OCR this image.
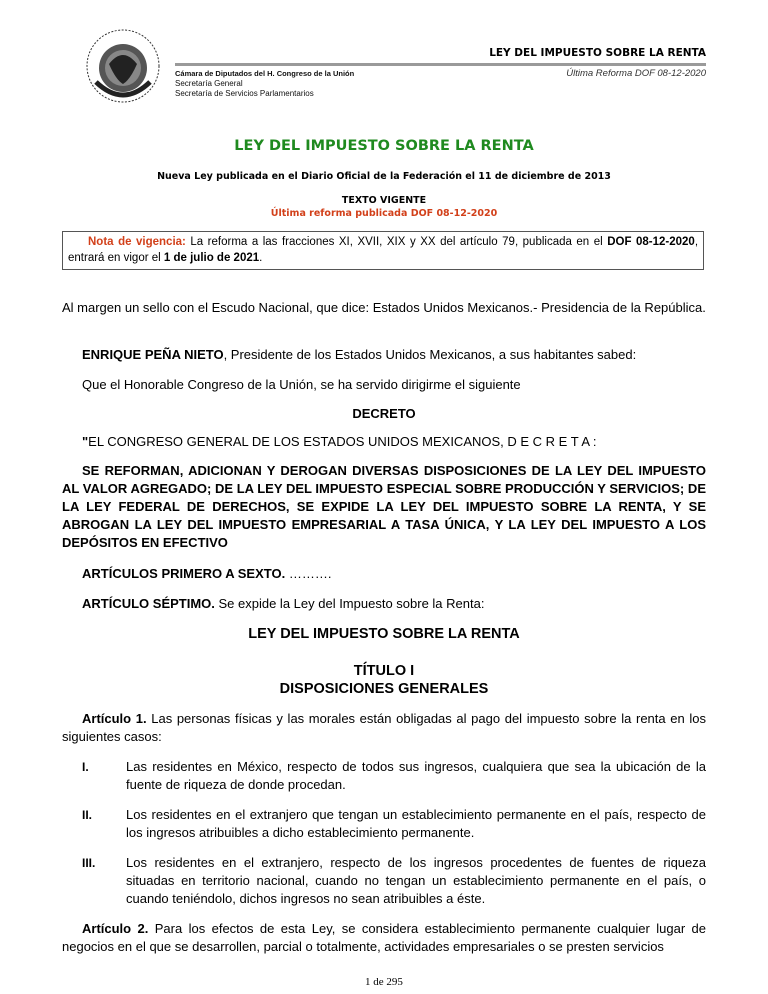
LEY DEL IMPUESTO SOBRE LA RENTA
Última Reforma DOF 08-12-2020
Cámara de Diputados del H. Congreso de la Unión
Secretaría General
Secretaría de Servicios Parlamentarios
LEY DEL IMPUESTO SOBRE LA RENTA
Nueva Ley publicada en el Diario Oficial de la Federación el 11 de diciembre de 2013
TEXTO VIGENTE
Última reforma publicada DOF 08-12-2020
Nota de vigencia: La reforma a las fracciones XI, XVII, XIX y XX del artículo 79, publicada en el DOF 08-12-2020, entrará en vigor el 1 de julio de 2021.
Al margen un sello con el Escudo Nacional, que dice: Estados Unidos Mexicanos.- Presidencia de la República.
ENRIQUE PEÑA NIETO, Presidente de los Estados Unidos Mexicanos, a sus habitantes sabed:
Que el Honorable Congreso de la Unión, se ha servido dirigirme el siguiente
DECRETO
"EL CONGRESO GENERAL DE LOS ESTADOS UNIDOS MEXICANOS, D E C R E T A :
SE REFORMAN, ADICIONAN Y DEROGAN DIVERSAS DISPOSICIONES DE LA LEY DEL IMPUESTO AL VALOR AGREGADO; DE LA LEY DEL IMPUESTO ESPECIAL SOBRE PRODUCCIÓN Y SERVICIOS; DE LA LEY FEDERAL DE DERECHOS, SE EXPIDE LA LEY DEL IMPUESTO SOBRE LA RENTA, Y SE ABROGAN LA LEY DEL IMPUESTO EMPRESARIAL A TASA ÚNICA, Y LA LEY DEL IMPUESTO A LOS DEPÓSITOS EN EFECTIVO
ARTÍCULOS PRIMERO A SEXTO. ……….
ARTÍCULO SÉPTIMO. Se expide la Ley del Impuesto sobre la Renta:
LEY DEL IMPUESTO SOBRE LA RENTA
TÍTULO I
DISPOSICIONES GENERALES
Artículo 1. Las personas físicas y las morales están obligadas al pago del impuesto sobre la renta en los siguientes casos:
I.	Las residentes en México, respecto de todos sus ingresos, cualquiera que sea la ubicación de la fuente de riqueza de donde procedan.
II.	Los residentes en el extranjero que tengan un establecimiento permanente en el país, respecto de los ingresos atribuibles a dicho establecimiento permanente.
III. Los residentes en el extranjero, respecto de los ingresos procedentes de fuentes de riqueza situadas en territorio nacional, cuando no tengan un establecimiento permanente en el país, o cuando teniéndolo, dichos ingresos no sean atribuibles a éste.
Artículo 2. Para los efectos de esta Ley, se considera establecimiento permanente cualquier lugar de negocios en el que se desarrollen, parcial o totalmente, actividades empresariales o se presten servicios
1 de 295
